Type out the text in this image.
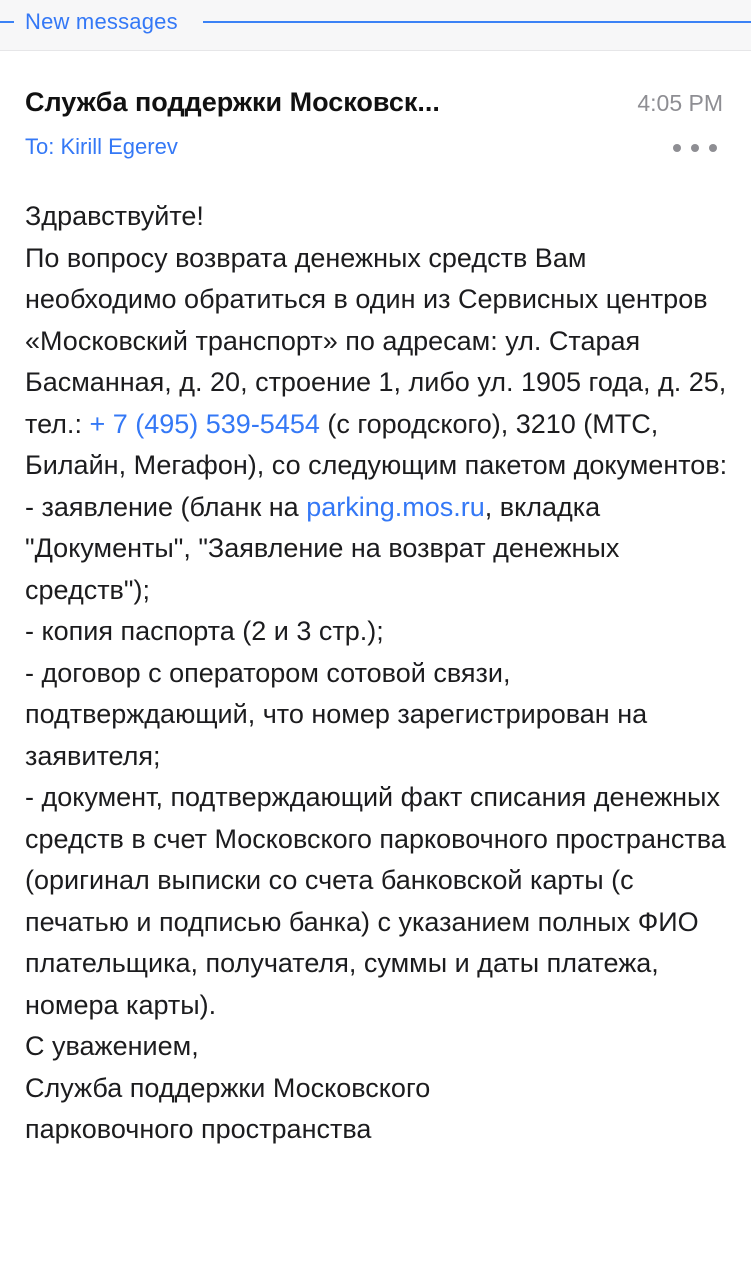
New messages
Служба поддержки Московск...	4:05 PM
To: Kirill Egerev

Здравствуйте!

По вопросу возврата денежных средств Вам необходимо обратиться в один из Сервисных центров «Московский транспорт» по адресам: ул. Старая Басманная, д. 20, строение 1, либо ул. 1905 года, д. 25, тел.: + 7 (495) 539-5454 (с городского), 3210 (МТС, Билайн, Мегафон), со следующим пакетом документов:

- заявление (бланк на parking.mos.ru, вкладка "Документы", "Заявление на возврат денежных средств");

- копия паспорта (2 и 3 стр.);

- договор с оператором сотовой связи, подтверждающий, что номер зарегистрирован на заявителя;

- документ, подтверждающий факт списания денежных средств в счет Московского парковочного пространства (оригинал выписки со счета банковской карты (с печатью и подписью банка) с указанием полных ФИО плательщика, получателя, суммы и даты платежа, номера карты).

С уважением,

Служба поддержки Московского

парковочного пространства
